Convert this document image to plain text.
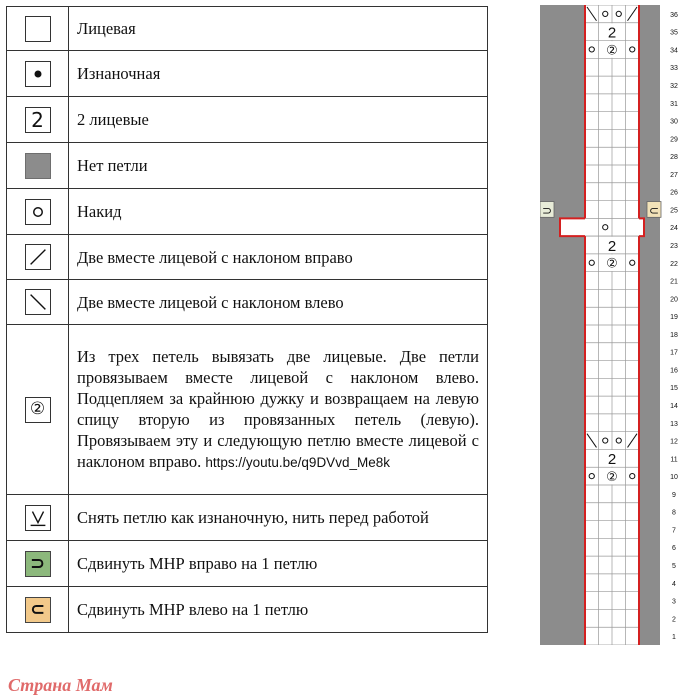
	Лицевая

	Изнаночная

2	2 лицевые
	Нет петли

	Накид

	Две вместе лицевой с наклоном вправо

	Две вместе лицевой с наклоном влево

②	Из трех петель вывязать две лицевые. Две петли провязываем вместе лицевой с наклоном влево. Подцепляем за крайнюю дужку и возвращаем на левую спицу вторую из провязанных петель (левую). Провязываем эту и следующую петлю вместе лицевой с наклоном вправо. https://youtu.be/q9DVvd_Me8k

	Снять петлю как изнаночную, нить перед работой

⊃	Сдвинуть МНР вправо на 1 петлю

⊂	Сдвинуть МНР влево на 1 петлю
2
②
2
②
2
②
⊃	⊂
36
35
34
33
32
31
30
29
28
27
26
25
24
23
22
21
20
19
18
17
16
15
14
13
12
11
10
9
8
7
6
5
4
3
2
1
Страна Мам
